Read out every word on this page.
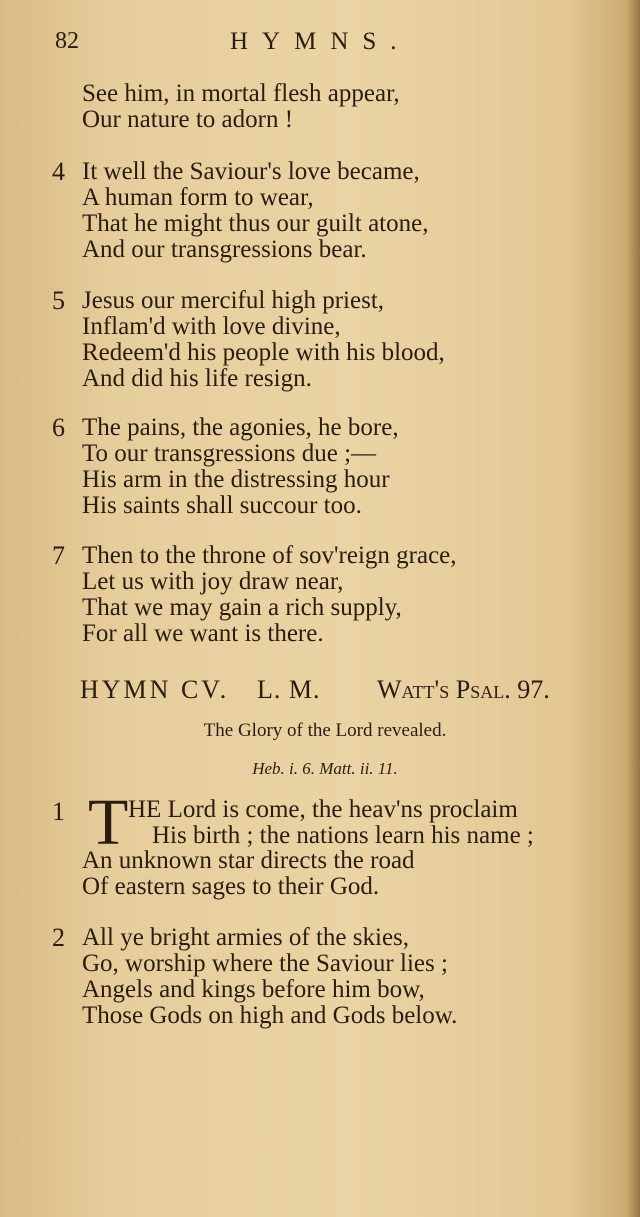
82	HYMNS.
See him, in mortal flesh appear,
Our nature to adorn !
4 It well the Saviour's love became,
A human form to wear,
That he might thus our guilt atone,
And our transgressions bear.
5 Jesus our merciful high priest,
Inflam'd with love divine,
Redeem'd his people with his blood,
And did his life resign.
6 The pains, the agonies, he bore,
To our transgressions due ;—
His arm in the distressing hour
His saints shall succour too.
7 Then to the throne of sov'reign grace,
Let us with joy draw near,
That we may gain a rich supply,
For all we want is there.
HYMN CV. L. M. Watt's Psal. 97.
The Glory of the Lord revealed.
Heb. i. 6. Matt. ii. 11.
1 T HE Lord is come, the heav'ns proclaim
His birth ; the nations learn his name ;
An unknown star directs the road
Of eastern sages to their God.
2 All ye bright armies of the skies,
Go, worship where the Saviour lies ;
Angels and kings before him bow,
Those Gods on high and Gods below.
